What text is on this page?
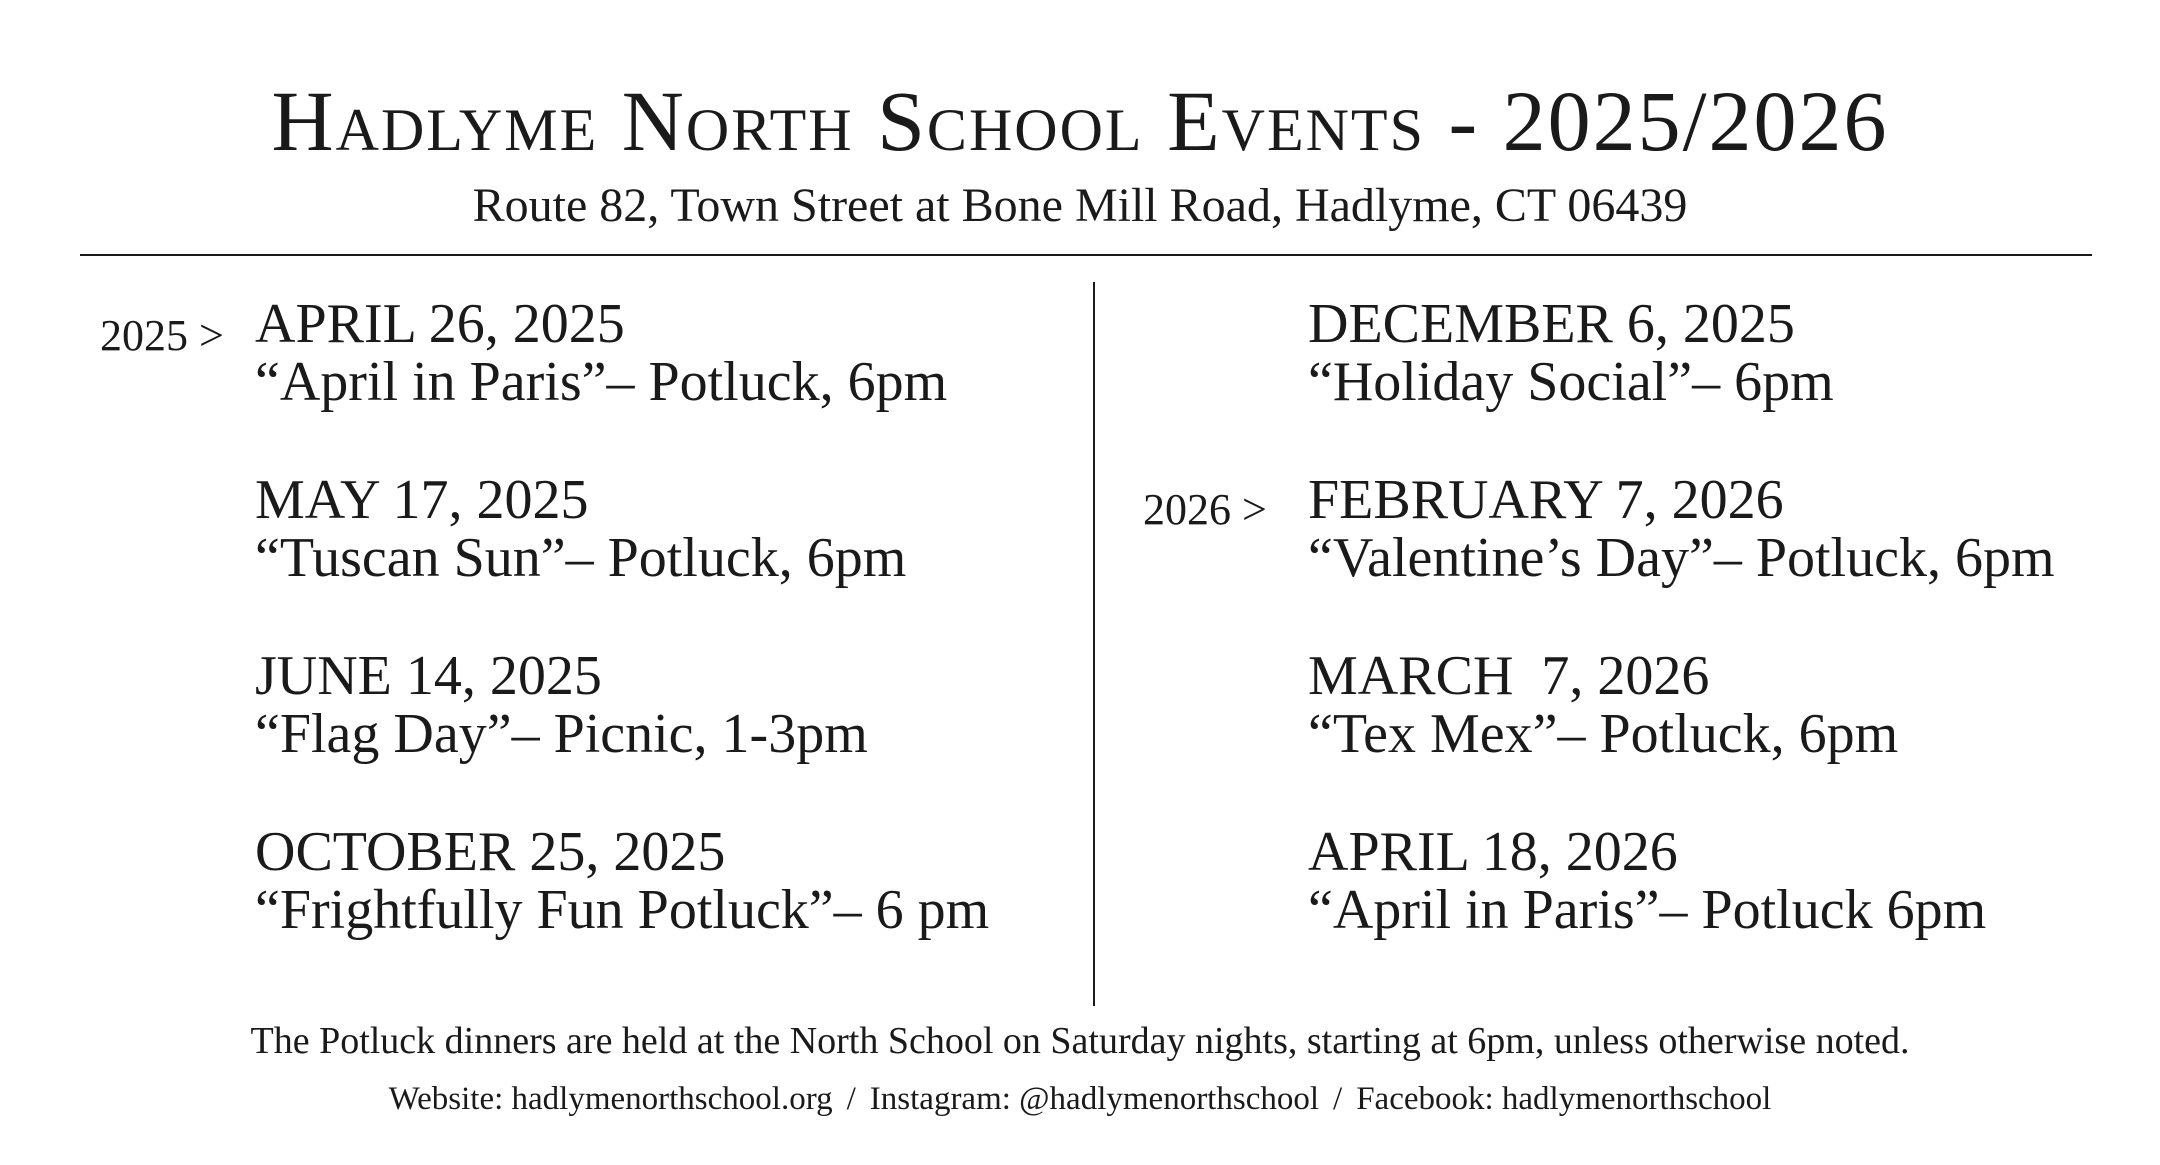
Hadlyme North School Events - 2025/2026
Route 82, Town Street at Bone Mill Road, Hadlyme, CT 06439
2025 >
2026 >
APRIL 26, 2025
“April in Paris”– Potluck, 6pm
MAY 17, 2025
“Tuscan Sun”– Potluck, 6pm
JUNE 14, 2025
“Flag Day”– Picnic, 1-3pm
OCTOBER 25, 2025
“Frightfully Fun Potluck”– 6 pm
DECEMBER 6, 2025
“Holiday Social”– 6pm
FEBRUARY 7, 2026
“Valentine’s Day”– Potluck, 6pm
MARCH  7, 2026
“Tex Mex”– Potluck, 6pm
APRIL 18, 2026
“April in Paris”– Potluck 6pm
The Potluck dinners are held at the North School on Saturday nights, starting at 6pm, unless otherwise noted.
Website: hadlymenorthschool.org / Instagram: @hadlymenorthschool / Facebook: hadlymenorthschool
